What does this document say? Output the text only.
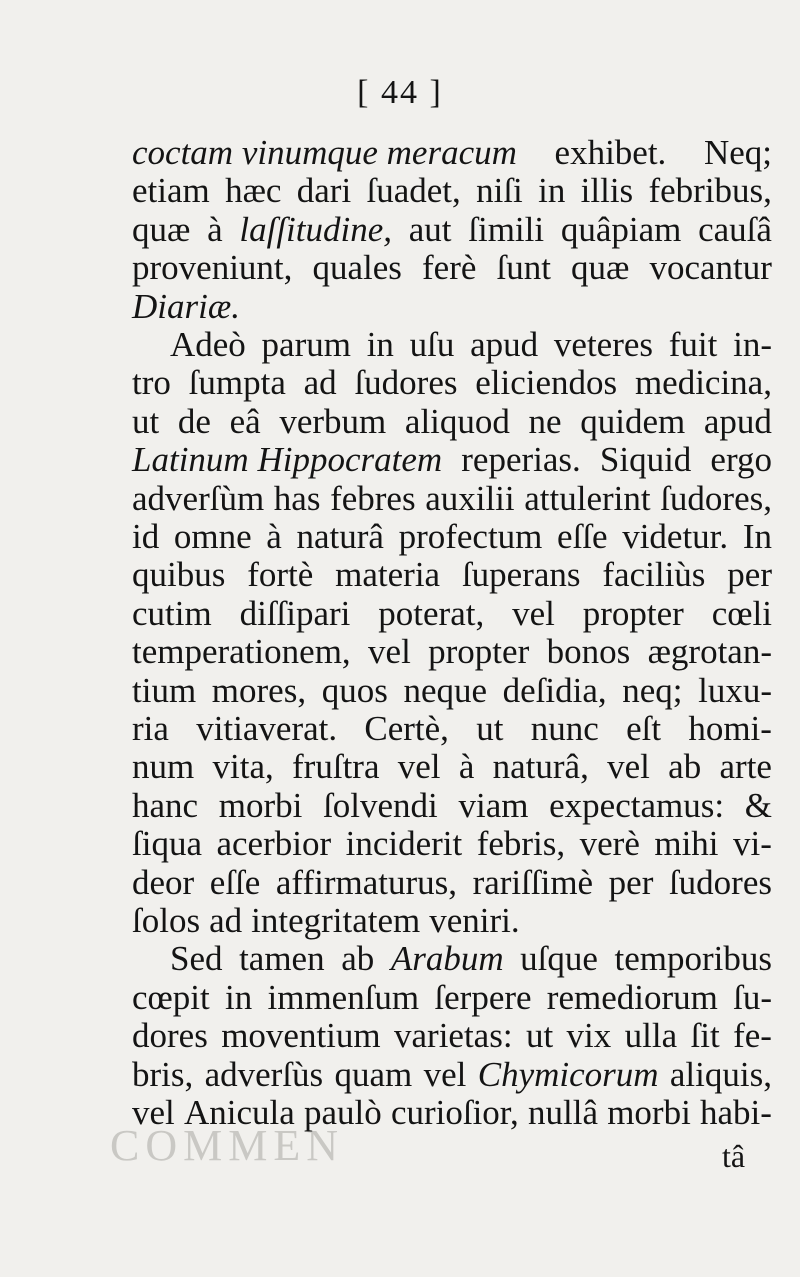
COMMEN
[ 44 ]
coctam vinumque meracum exhibet. Neq;
etiam hæc dari ſuadet, niſi in illis febribus,
quæ à laſſitudine, aut ſimili quâpiam cauſâ
proveniunt, quales ferè ſunt quæ vocantur
Diariæ.
Adeò parum in uſu apud veteres fuit in-
tro ſumpta ad ſudores eliciendos medicina,
ut de eâ verbum aliquod ne quidem apud
Latinum Hippocratem reperias. Siquid ergo
adverſùm has febres auxilii attulerint ſudores,
id omne à naturâ profectum eſſe videtur. In
quibus fortè materia ſuperans faciliùs per
cutim diſſipari poterat, vel propter cœli
temperationem, vel propter bonos ægrotan-
tium mores, quos neque deſidia, neq; luxu-
ria vitiaverat. Certè, ut nunc eſt homi-
num vita, fruſtra vel à naturâ, vel ab arte
hanc morbi ſolvendi viam expectamus: &
ſiqua acerbior inciderit febris, verè mihi vi-
deor eſſe affirmaturus, rariſſimè per ſudores
ſolos ad integritatem veniri.
Sed tamen ab Arabum uſque temporibus
cœpit in immenſum ſerpere remediorum ſu-
dores moventium varietas: ut vix ulla ſit fe-
bris, adverſùs quam vel Chymicorum aliquis,
vel Anicula paulò curioſior, nullâ morbi habi-
tâ
